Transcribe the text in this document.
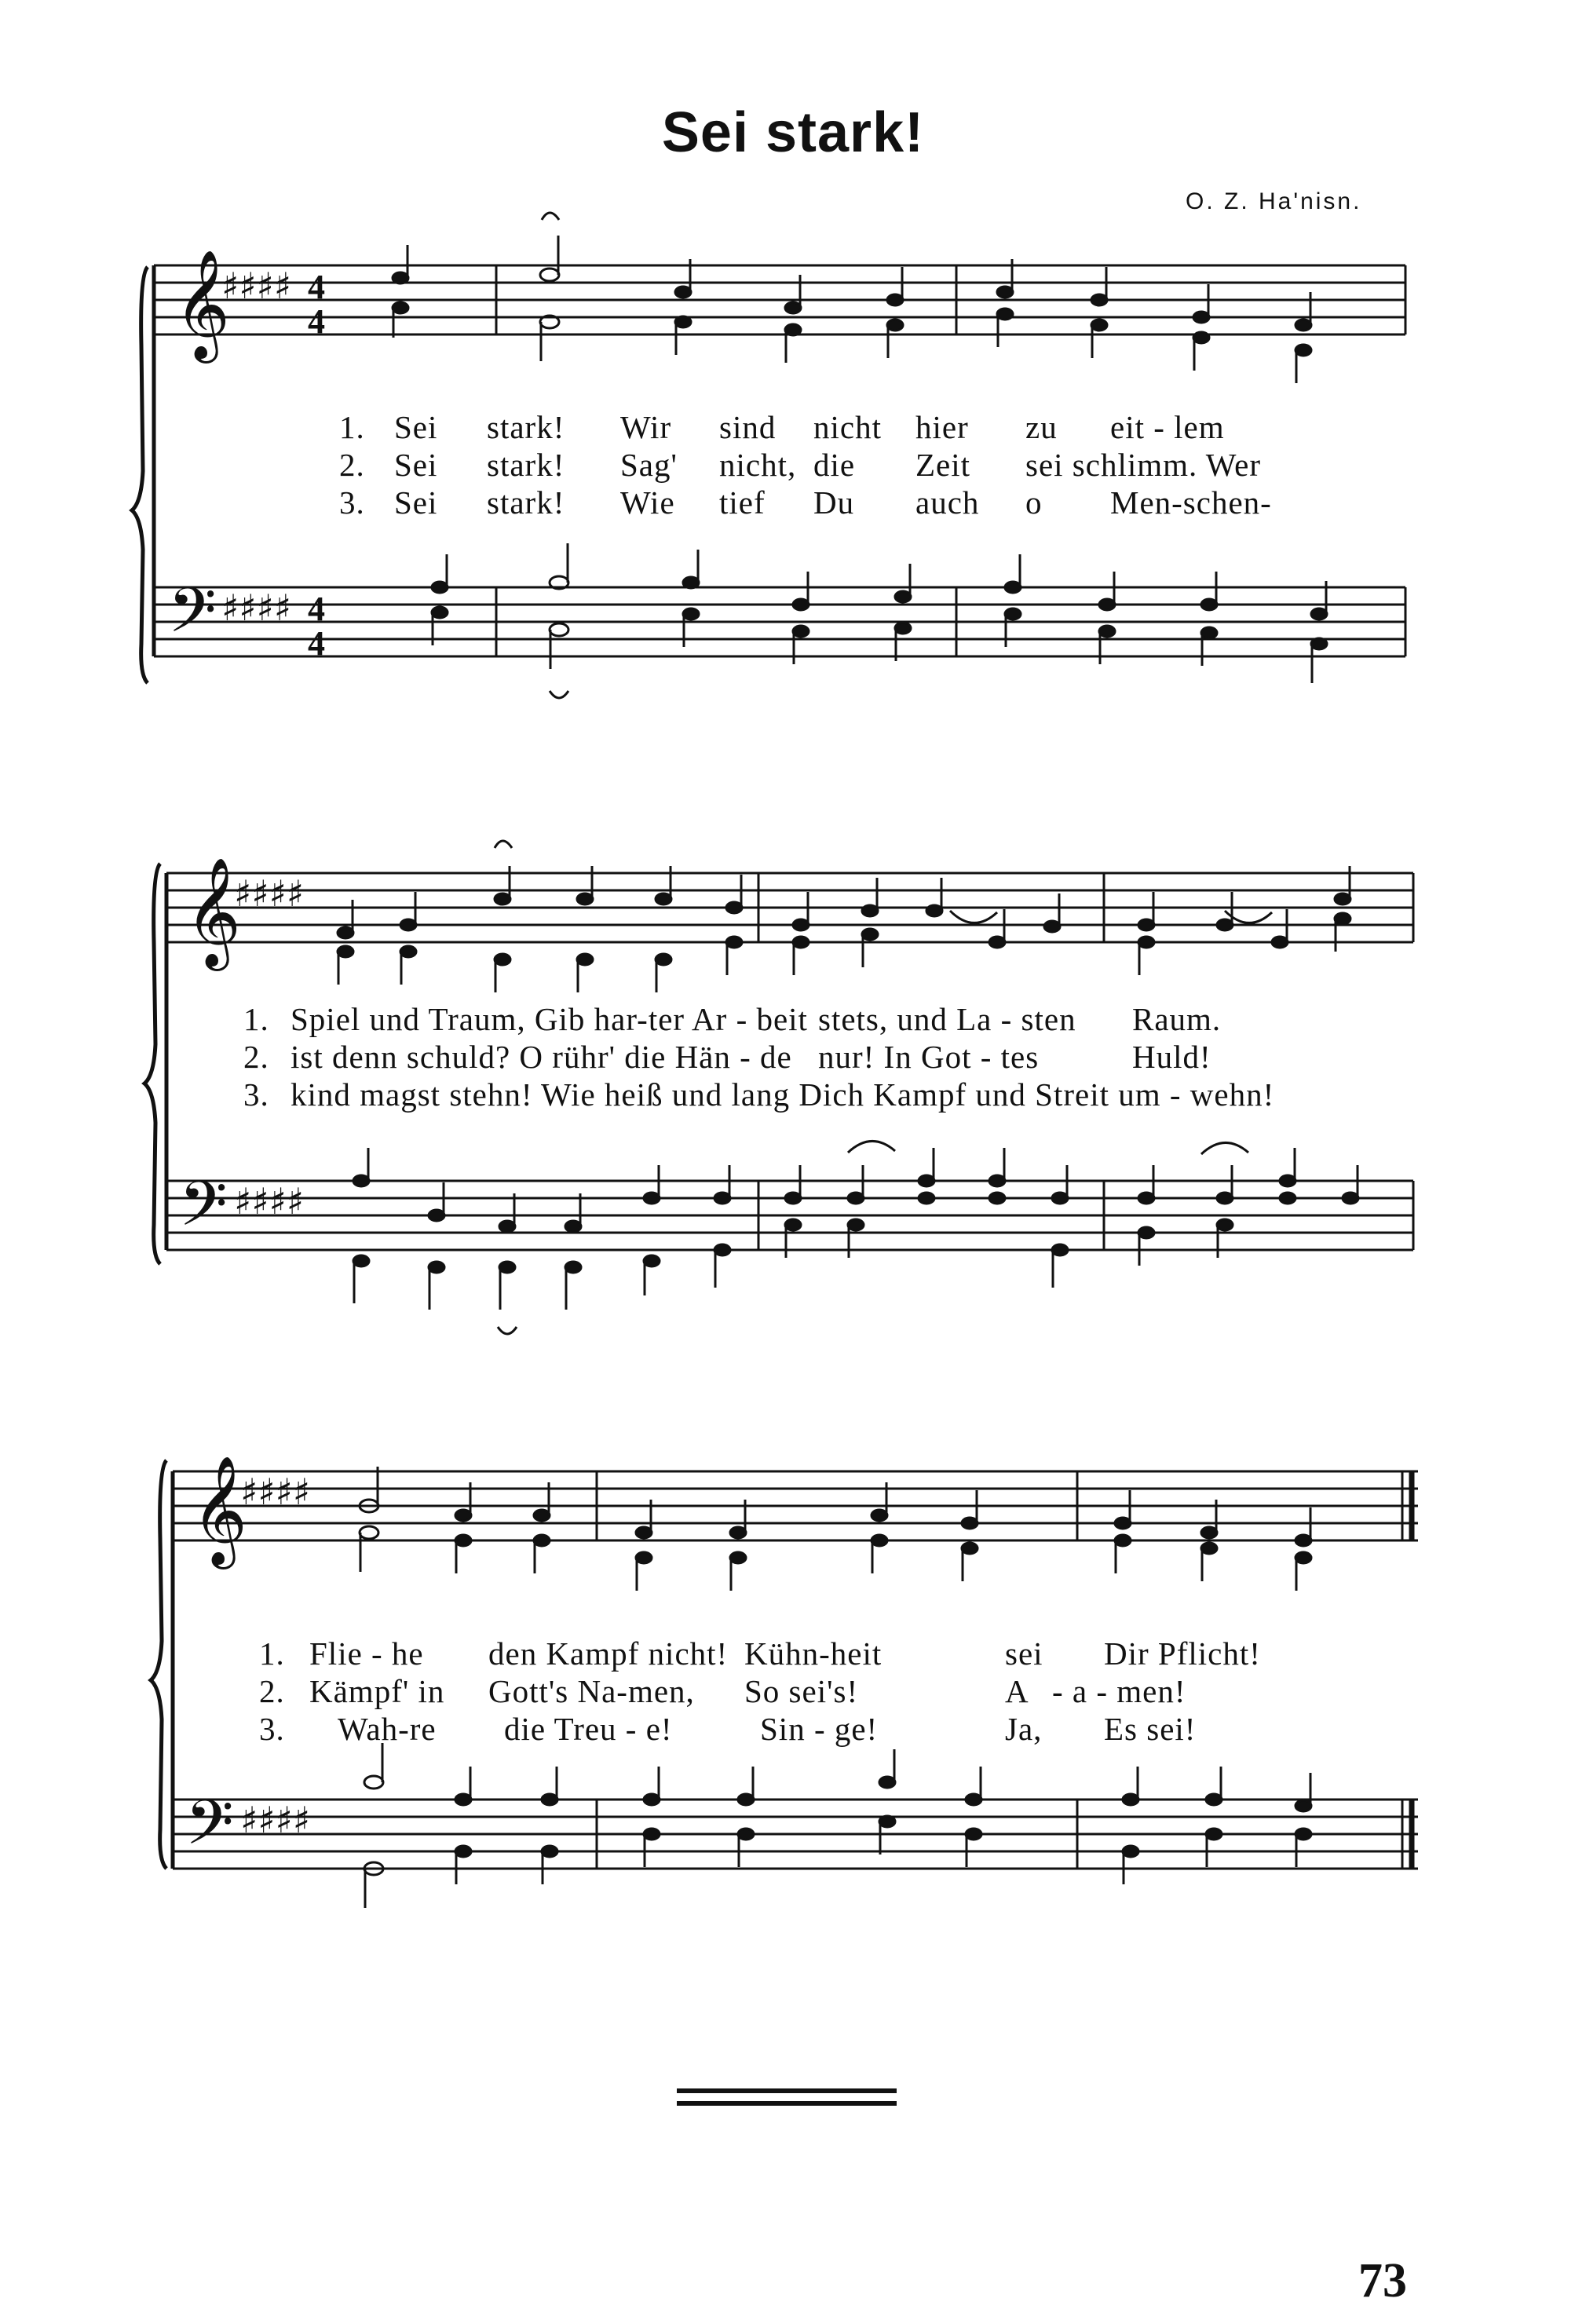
Sei stark!
O. Z. Ha'nisn.
𝄞
♯♯♯♯ 4
4
𝄢 ♯♯♯♯ 4
4
1. Sei	stark!	Wir	sind	nicht	hier	zu	eit - lem
2. Sei	stark!	Sag'	nicht, die	Zeit	sei schlimm. Wer
3. Sei	stark!	Wie	tief	Du	auch	o	Men-schen-
𝄞
♯♯♯♯
𝄢 ♯♯♯♯
1. Spiel und Traum, Gib har-ter Ar - beit stets, und La - sten	Raum.
2. ist denn schuld? O rühr' die Hän - de nur! In Got - tes	Huld!
3. kind magst stehn! Wie heiß und lang Dich Kampf und Streit um - wehn!
𝄞
♯♯♯♯
𝄢 ♯♯♯♯
1. Flie - he	den Kampf nicht! Kühn-heit	sei	Dir Pflicht!
2. Kämpf' in	Gott's Na-men,	So sei's!	A - a - men!
3.	Wah-re	die Treu - e!	Sin - ge!	Ja,	Es sei!
73
